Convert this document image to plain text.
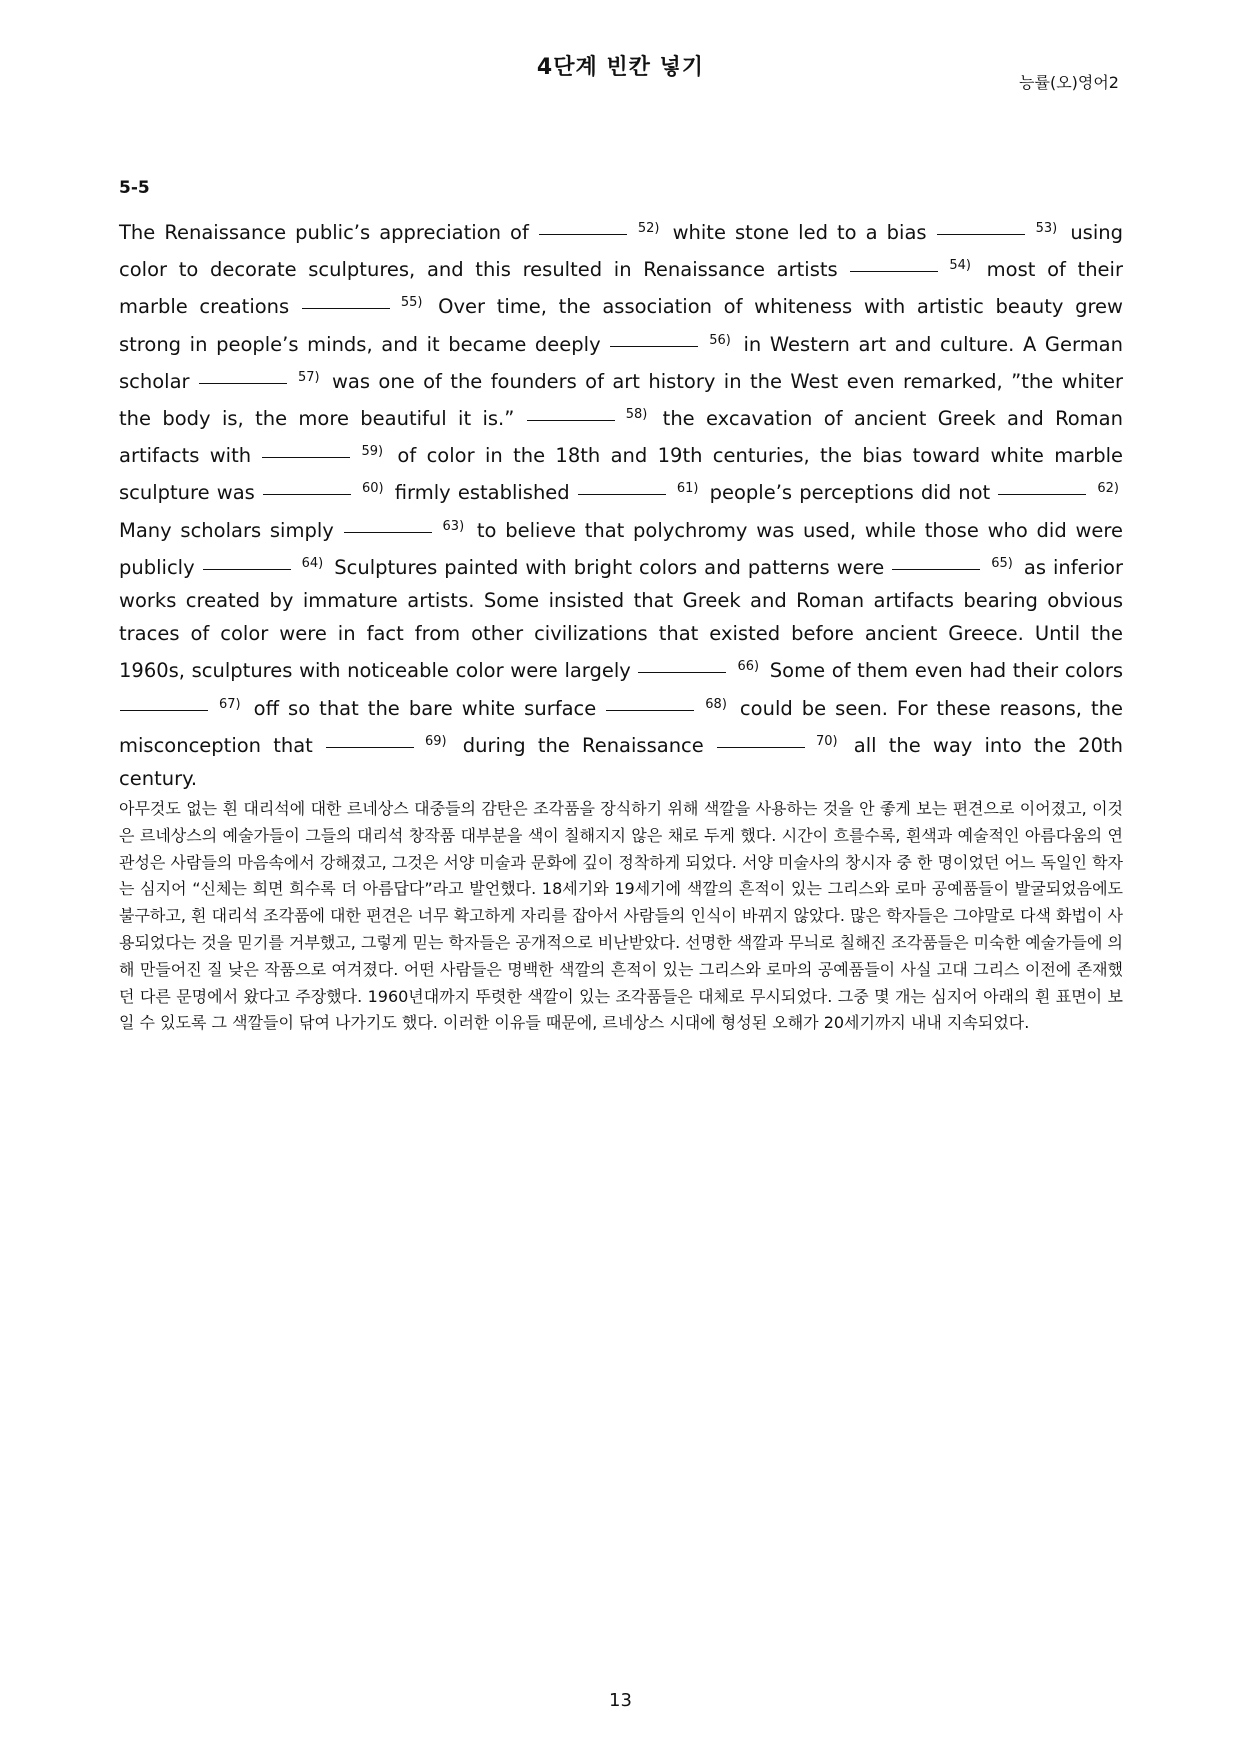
4단계 빈칸 넣기
능률(오)영어2
5-5
The Renaissance public’s appreciation of	$^{52)}$ white stone led to a bias	$^{53)}$ using color to decorate sculptures, and this resulted in Renaissance artists	$^{54)}$ most of their marble creations	$^{55)}$ Over time, the association of whiteness with artistic beauty grew strong in people’s minds, and it became deeply	$^{56)}$ in Western art and culture. A German scholar	$^{57)}$ was one of the founders of art history in the West even remarked, ”the whiter the body is, the more beautiful it is.”	$^{58)}$ the excavation of ancient Greek and Roman artifacts with	$^{59)}$ of color in the 18th and 19th centuries, the bias toward white marble sculpture was	$^{60)}$ firmly established	$^{61)}$ people’s perceptions did not	$^{62)}$ Many scholars simply	$^{63)}$ to believe that polychromy was used, while those who did were publicly	$^{64)}$ Sculptures painted with bright colors and patterns were	$^{65)}$ as inferior works created by immature artists. Some insisted that Greek and Roman artifacts bearing obvious traces of color were in fact from other civilizations that existed before ancient Greece. Until the 1960s, sculptures with noticeable color were largely	$^{66)}$ Some of them even had their colors $^{67)}$ off so that the bare white surface	$^{68)}$ could be seen. For these reasons, the misconception that	$^{69)}$ during the Renaissance	$^{70)}$ all the way into the 20th century.
아무것도 없는 흰 대리석에 대한 르네상스 대중들의 감탄은 조각품을 장식하기 위해 색깔을 사용하는 것을 안 좋게 보는 편견으로 이어졌고, 이것은 르네상스의 예술가들이 그들의 대리석 창작품 대부분을 색이 칠해지지 않은 채로 두게 했다. 시간이 흐를수록, 흰색과 예술적인 아름다움의 연관성은 사람들의 마음속에서 강해졌고, 그것은 서양 미술과 문화에 깊이 정착하게 되었다. 서양 미술사의 창시자 중 한 명이었던 어느 독일인 학자는 심지어 “신체는 희면 희수록 더 아름답다”라고 발언했다. 18세기와 19세기에 색깔의 흔적이 있는 그리스와 로마 공예품들이 발굴되었음에도 불구하고, 흰 대리석 조각품에 대한 편견은 너무 확고하게 자리를 잡아서 사람들의 인식이 바뀌지 않았다. 많은 학자들은 그야말로 다색 화법이 사용되었다는 것을 믿기를 거부했고, 그렇게 믿는 학자들은 공개적으로 비난받았다. 선명한 색깔과 무늬로 칠해진 조각품들은 미숙한 예술가들에 의해 만들어진 질 낮은 작품으로 여겨졌다. 어떤 사람들은 명백한 색깔의 흔적이 있는 그리스와 로마의 공예품들이 사실 고대 그리스 이전에 존재했던 다른 문명에서 왔다고 주장했다. 1960년대까지 뚜렷한 색깔이 있는 조각품들은 대체로 무시되었다. 그중 몇 개는 심지어 아래의 흰 표면이 보일 수 있도록 그 색깔들이 닦여 나가기도 했다. 이러한 이유들 때문에, 르네상스 시대에 형성된 오해가 20세기까지 내내 지속되었다.
13
